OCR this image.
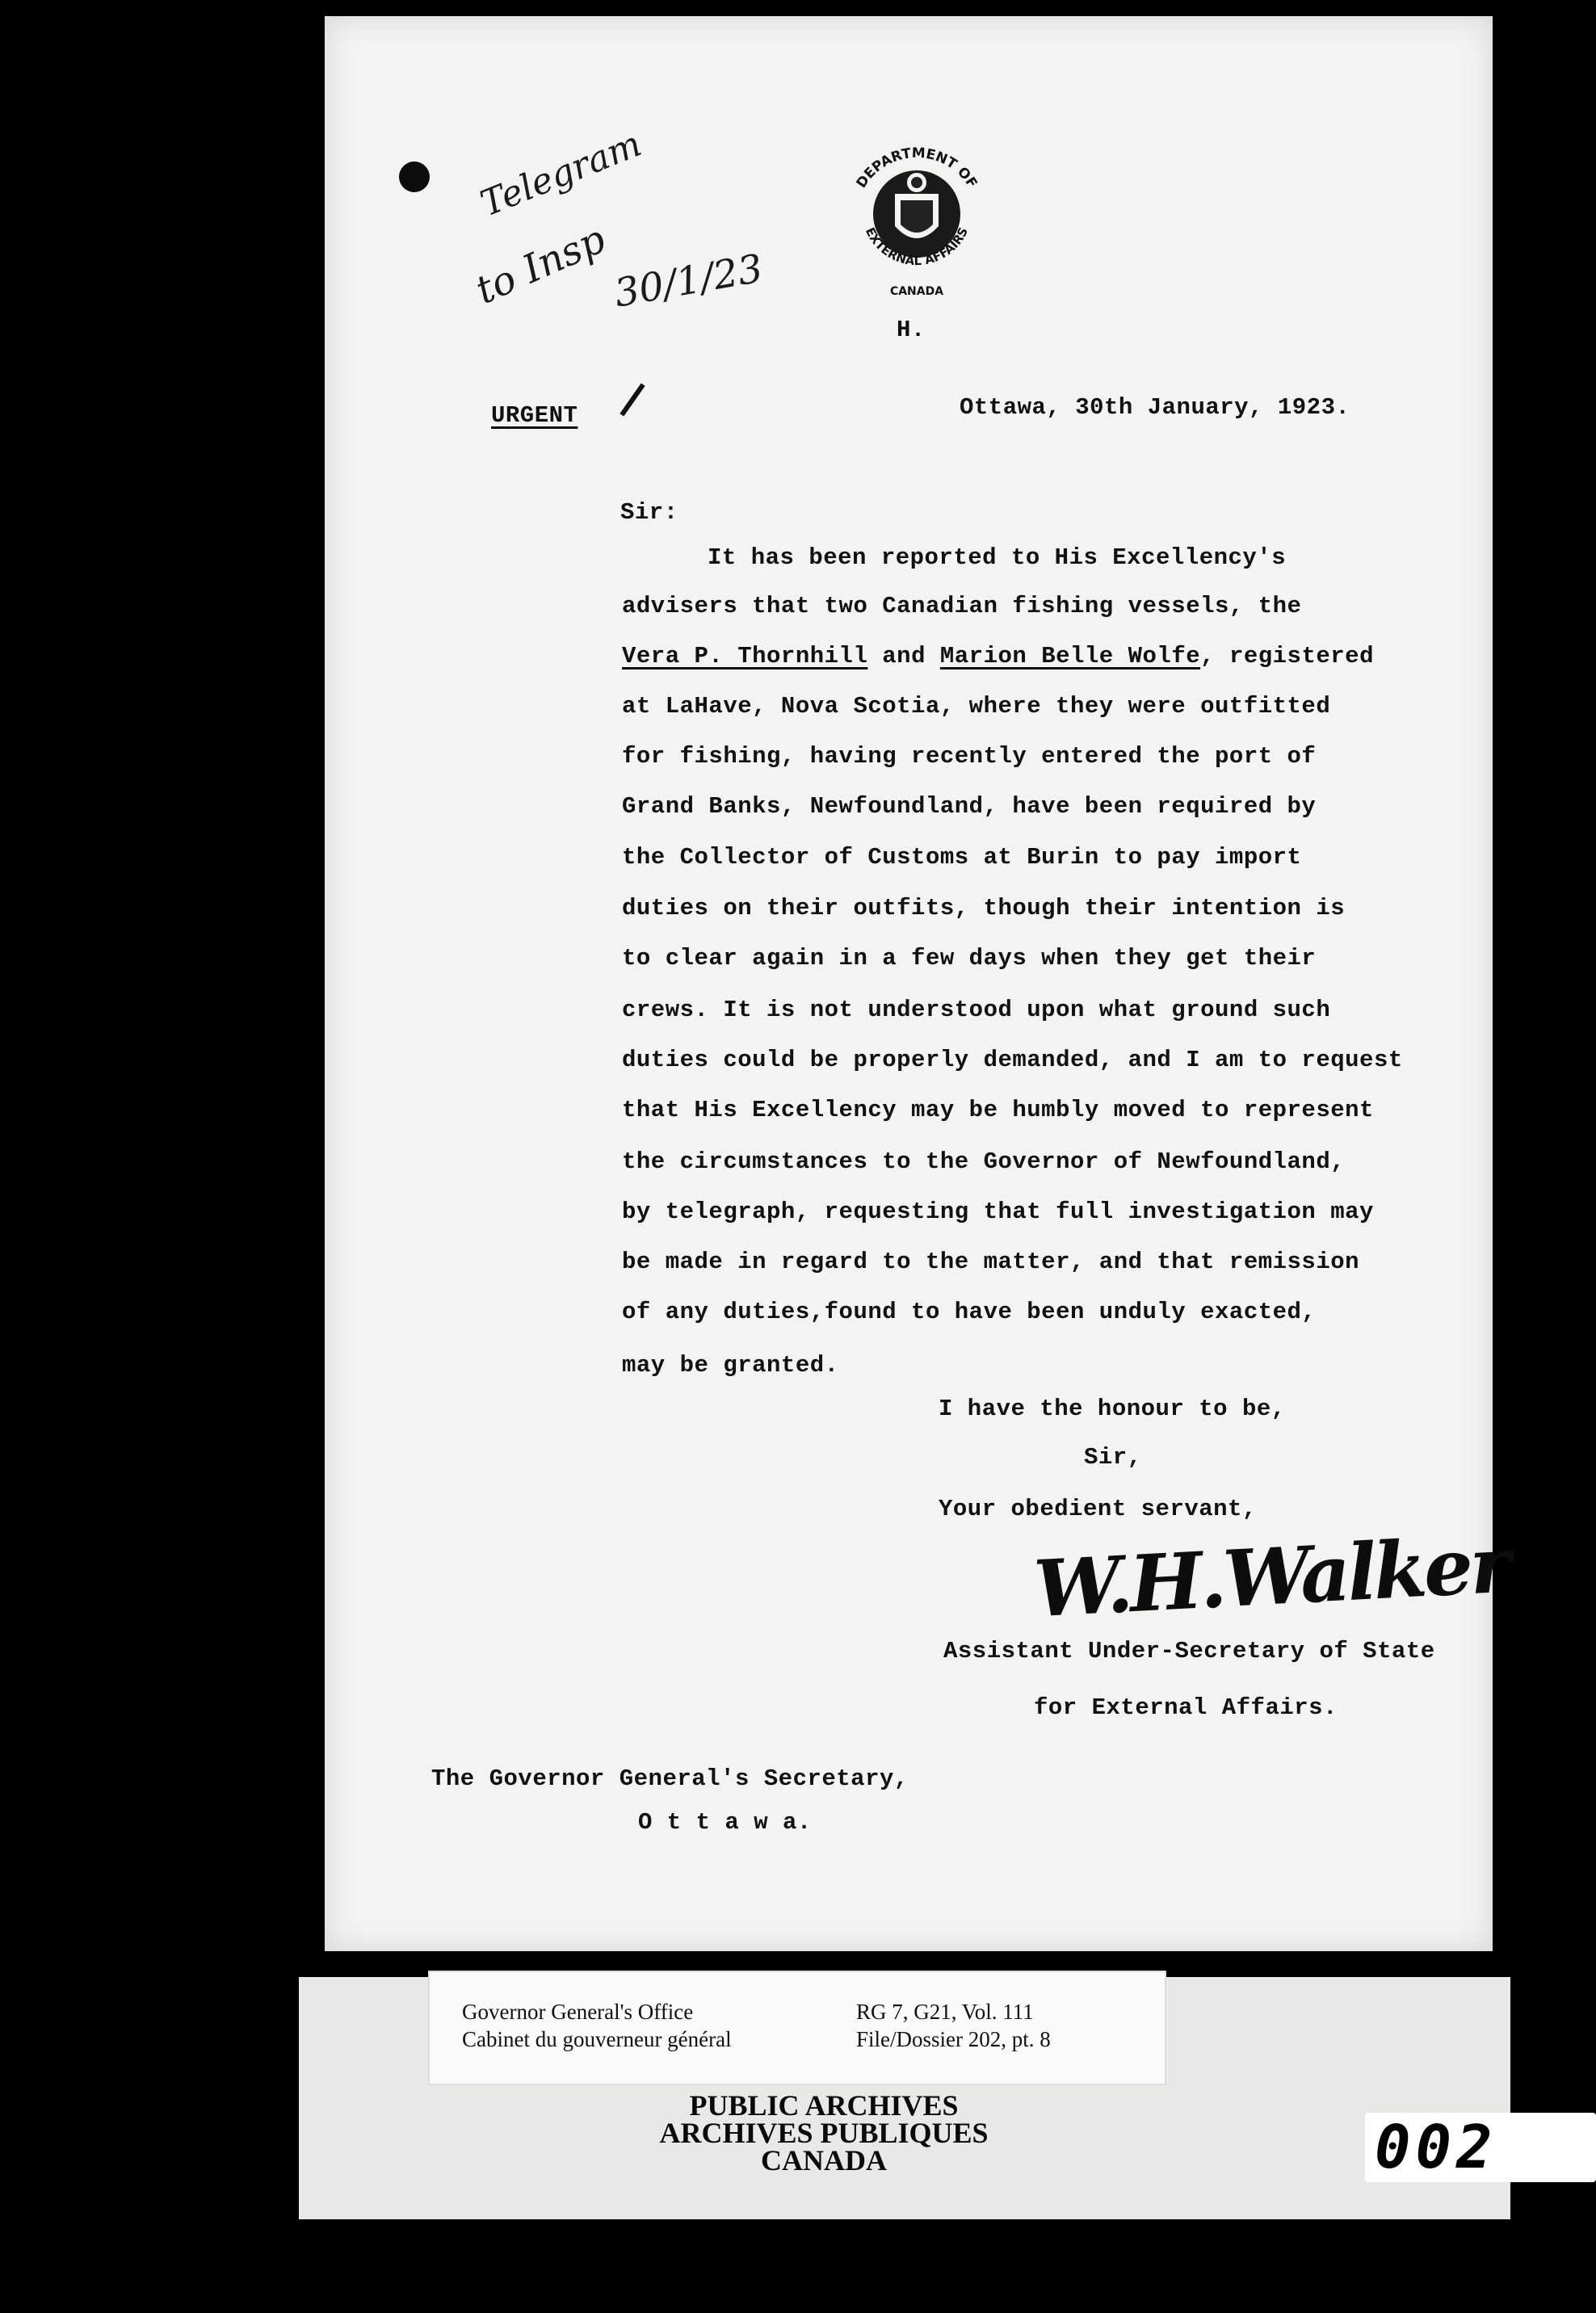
Telegram
to Insp
30/1/23
DEPARTMENT OF
EXTERNAL AFFAIRS
CANADA
H.
URGENT	Ottawa, 30th January, 1923.
Sir:
It has been reported to His Excellency's
advisers that two Canadian fishing vessels, the
Vera P. Thornhill and Marion Belle Wolfe, registered
at LaHave, Nova Scotia, where they were outfitted
for fishing, having recently entered the port of
Grand Banks, Newfoundland, have been required by
the Collector of Customs at Burin to pay import
duties on their outfits, though their intention is
to clear again in a few days when they get their
crews. It is not understood upon what ground such
duties could be properly demanded, and I am to request
that His Excellency may be humbly moved to represent
the circumstances to the Governor of Newfoundland,
by telegraph, requesting that full investigation may
be made in regard to the matter, and that remission
of any duties,found to have been unduly exacted,
may be granted.
I have the honour to be,
Sir,
Your obedient servant,
W.H.Walker
Assistant Under-Secretary of State
for External Affairs.
The Governor General's Secretary,
O t t a w a.
Governor General's Office
Cabinet du gouverneur général
RG 7, G21, Vol. 111
File/Dossier 202, pt. 8
PUBLIC ARCHIVES
ARCHIVES PUBLIQUES
CANADA	002
